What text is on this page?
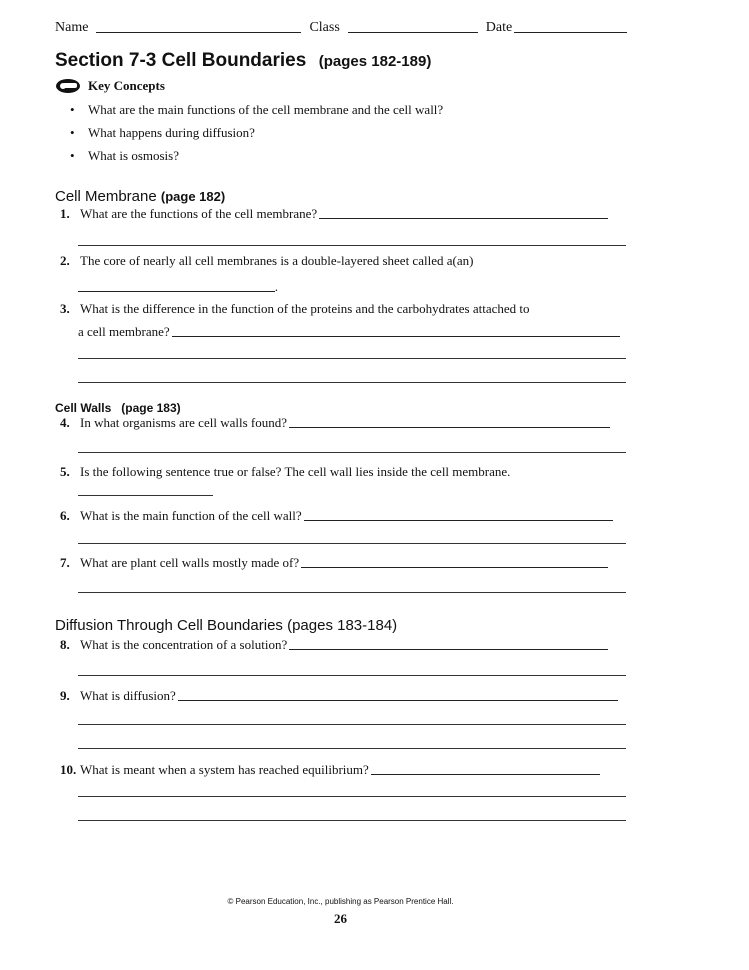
Name	Class	Date
Section 7-3 Cell Boundaries (pages 182-189)
Key Concepts
• What are the main functions of the cell membrane and the cell wall?
• What happens during diffusion?
• What is osmosis?
Cell Membrane (page 182)
1. What are the functions of the cell membrane?
2. The core of nearly all cell membranes is a double-layered sheet called a(an)
.
3. What is the difference in the function of the proteins and the carbohydrates attached to
a cell membrane?
Cell Walls (page 183)
4. In what organisms are cell walls found?
5. Is the following sentence true or false? The cell wall lies inside the cell membrane.
6. What is the main function of the cell wall?
7. What are plant cell walls mostly made of?
Diffusion Through Cell Boundaries (pages 183-184)
8. What is the concentration of a solution?
9. What is diffusion?
10. What is meant when a system has reached equilibrium?
© Pearson Education, Inc., publishing as Pearson Prentice Hall.
26
